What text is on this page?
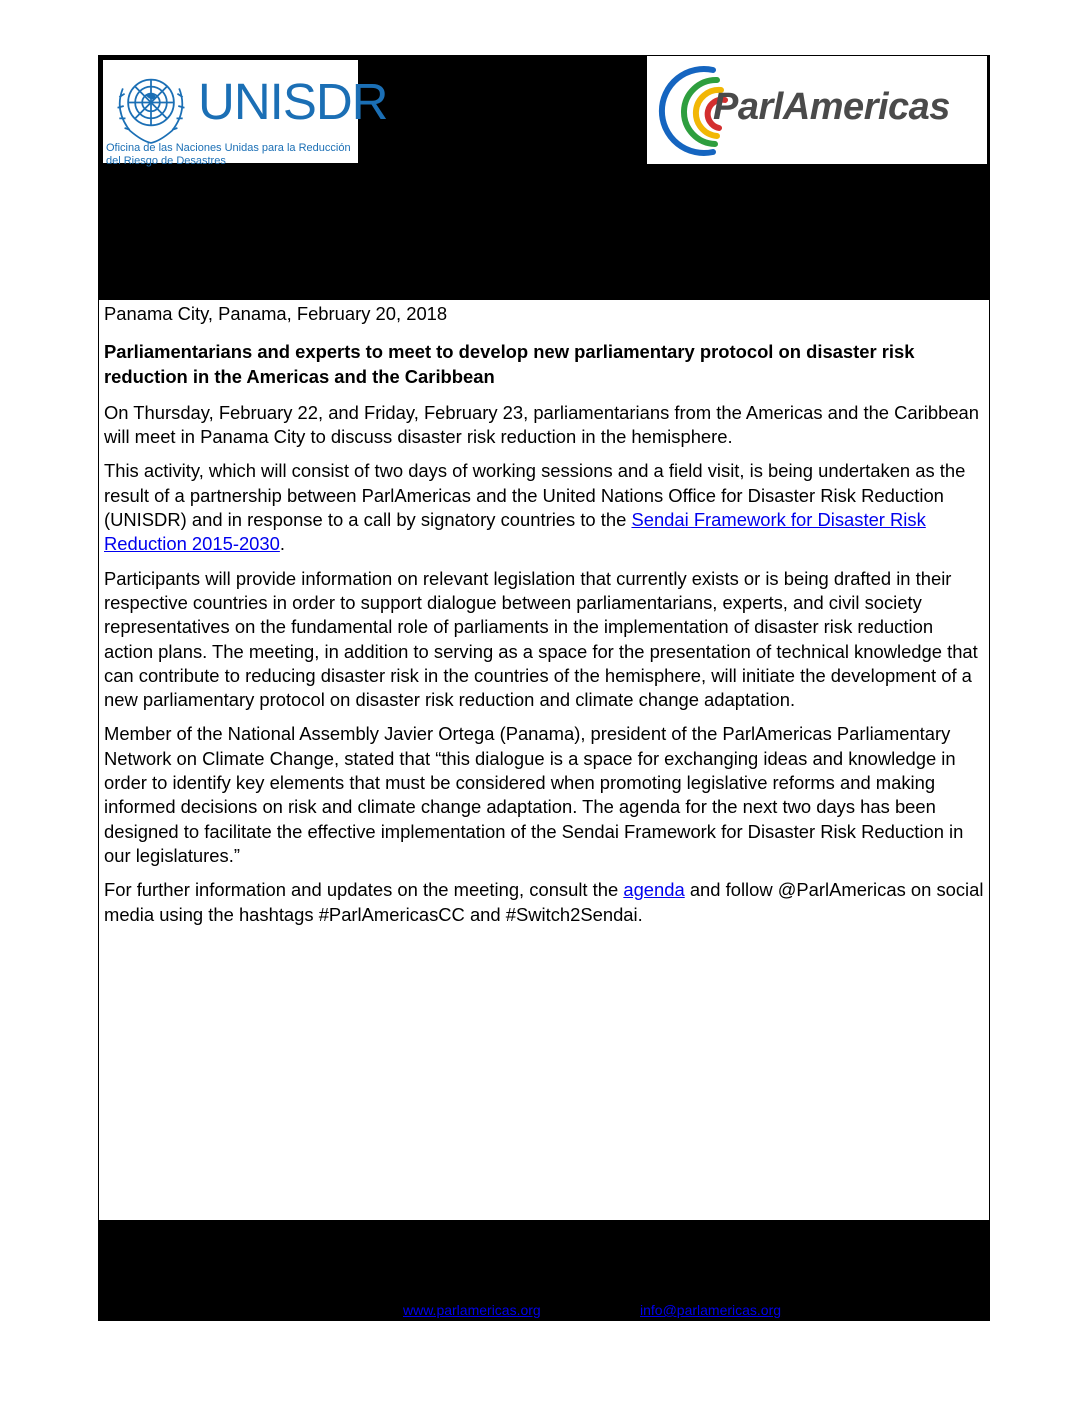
UNISDR
Oficina de las Naciones Unidas para la Reducción del Riesgo de Desastres
ParlAmericas

Panama City, Panama, February 20, 2018

Parliamentarians and experts to meet to develop new parliamentary protocol on disaster risk reduction in the Americas and the Caribbean

On Thursday, February 22, and Friday, February 23, parliamentarians from the Americas and the Caribbean will meet in Panama City to discuss disaster risk reduction in the hemisphere.

This activity, which will consist of two days of working sessions and a field visit, is being undertaken as the result of a partnership between ParlAmericas and the United Nations Office for Disaster Risk Reduction (UNISDR) and in response to a call by signatory countries to the Sendai Framework for Disaster Risk Reduction 2015-2030.

Participants will provide information on relevant legislation that currently exists or is being drafted in their respective countries in order to support dialogue between parliamentarians, experts, and civil society representatives on the fundamental role of parliaments in the implementation of disaster risk reduction action plans. The meeting, in addition to serving as a space for the presentation of technical knowledge that can contribute to reducing disaster risk in the countries of the hemisphere, will initiate the development of a new parliamentary protocol on disaster risk reduction and climate change adaptation.

Member of the National Assembly Javier Ortega (Panama), president of the ParlAmericas Parliamentary Network on Climate Change, stated that “this dialogue is a space for exchanging ideas and knowledge in order to identify key elements that must be considered when promoting legislative reforms and making informed decisions on risk and climate change adaptation. The agenda for the next two days has been designed to facilitate the effective implementation of the Sendai Framework for Disaster Risk Reduction in our legislatures.”

For further information and updates on the meeting, consult the agenda and follow @ParlAmericas on social media using the hashtags #ParlAmericasCC and #Switch2Sendai.

www.parlamericas.org	info@parlamericas.org
